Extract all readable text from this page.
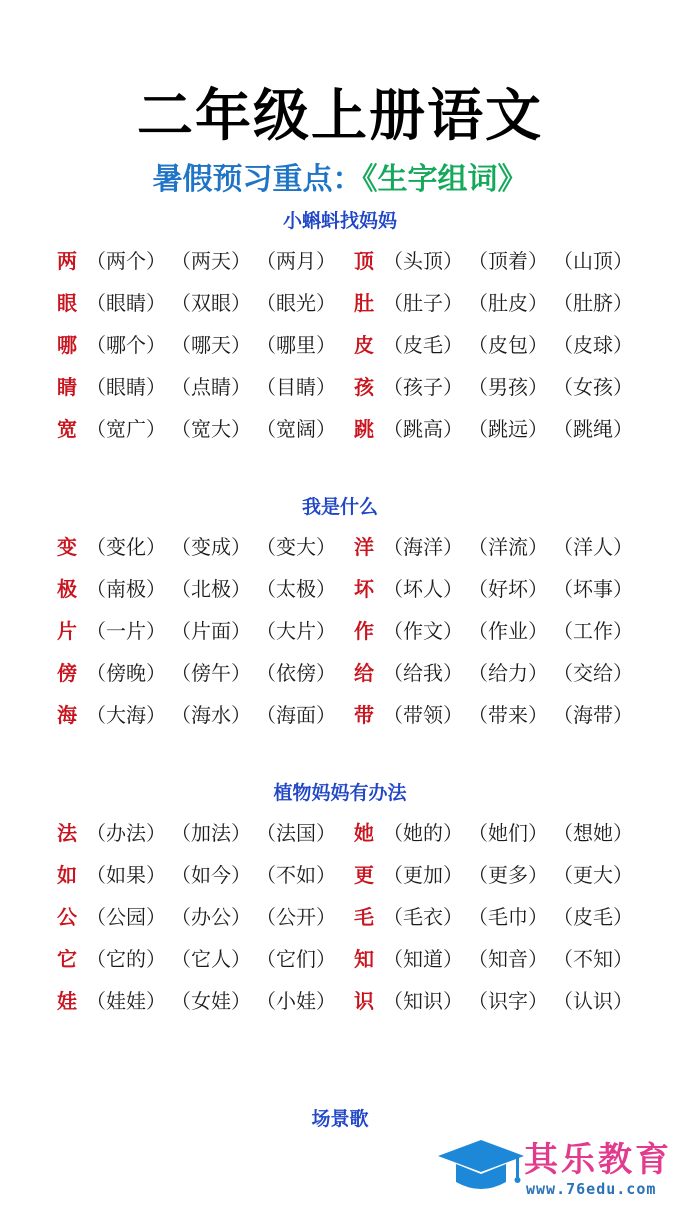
二年级上册语文
暑假预习重点：《生字组词》
小蝌蚪找妈妈
两 （两个） （两天） （两月） 顶 （头顶） （顶着） （山顶）
眼 （眼睛） （双眼） （眼光） 肚 （肚子） （肚皮） （肚脐）
哪 （哪个） （哪天） （哪里） 皮 （皮毛） （皮包） （皮球）
睛 （眼睛） （点睛） （目睛） 孩 （孩子） （男孩） （女孩）
宽 （宽广） （宽大） （宽阔） 跳 （跳高） （跳远） （跳绳）
我是什么
变 （变化） （变成） （变大） 洋 （海洋） （洋流） （洋人）
极 （南极） （北极） （太极） 坏 （坏人） （好坏） （坏事）
片 （一片） （片面） （大片） 作 （作文） （作业） （工作）
傍 （傍晚） （傍午） （依傍） 给 （给我） （给力） （交给）
海 （大海） （海水） （海面） 带 （带领） （带来） （海带）
植物妈妈有办法
法 （办法） （加法） （法国） 她 （她的） （她们） （想她）
如 （如果） （如今） （不如） 更 （更加） （更多） （更大）
公 （公园） （办公） （公开） 毛 （毛衣） （毛巾） （皮毛）
它 （它的） （它人） （它们） 知 （知道） （知音） （不知）
娃 （娃娃） （女娃） （小娃） 识 （知识） （识字） （认识）
场景歌
其乐教育
www.76edu.com
